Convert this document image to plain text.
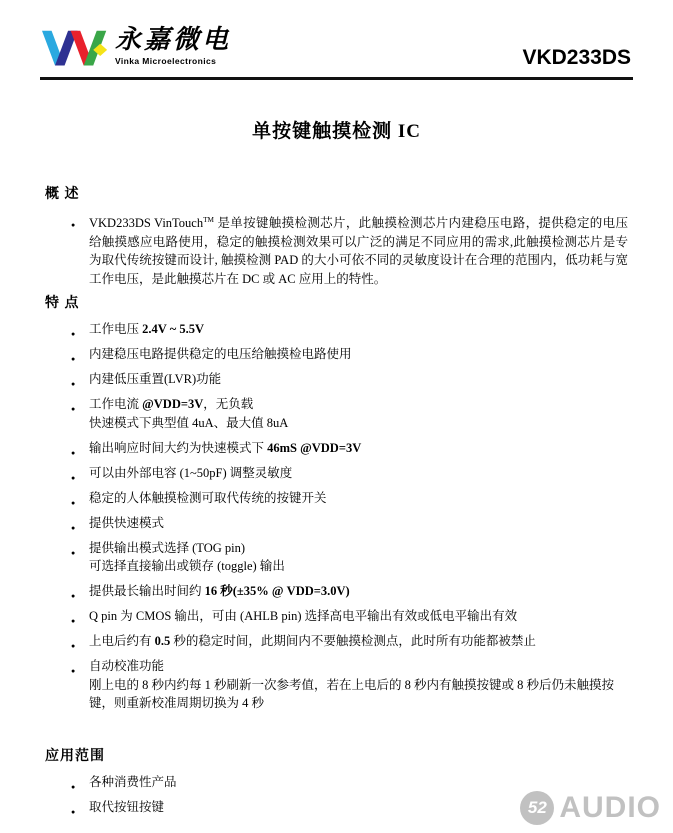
永嘉微电
Vinka Microelectronics	VKD233DS
单按键触摸检测 IC
概 述
● VKD233DS VinTouch™ 是单按键触摸检测芯片，此触摸检测芯片内建稳压电路，提供稳定的电压给触摸感应电路使用，稳定的触摸检测效果可以广泛的满足不同应用的需求,此触摸检测芯片是专为取代传统按键而设计, 触摸检测 PAD 的大小可依不同的灵敏度设计在合理的范围内，低功耗与宽工作电压，是此触摸芯片在 DC 或 AC 应用上的特性。
特 点
● 工作电压 2.4V ~ 5.5V
● 内建稳压电路提供稳定的电压给触摸检电路使用
● 内建低压重置(LVR)功能
● 工作电流 @VDD=3V，无负载
快速模式下典型值 4uA、最大值 8uA
● 输出响应时间大约为快速模式下 46mS @VDD=3V
● 可以由外部电容 (1~50pF) 调整灵敏度
● 稳定的人体触摸检测可取代传统的按键开关
● 提供快速模式
● 提供输出模式选择 (TOG pin)
可选择直接输出或锁存 (toggle) 输出
● 提供最长输出时间约 16 秒(±35% @ VDD=3.0V)
● Q pin 为 CMOS 输出，可由 (AHLB pin) 选择高电平输出有效或低电平输出有效
● 上电后约有 0.5 秒的稳定时间，此期间内不要触摸检测点，此时所有功能都被禁止
● 自动校准功能
刚上电的 8 秒内约每 1 秒刷新一次参考值，若在上电后的 8 秒内有触摸按键或 8 秒后仍未触摸按键，则重新校准周期切换为 4 秒
应用范围
● 各种消费性产品
● 取代按钮按键	52 AUDIO
